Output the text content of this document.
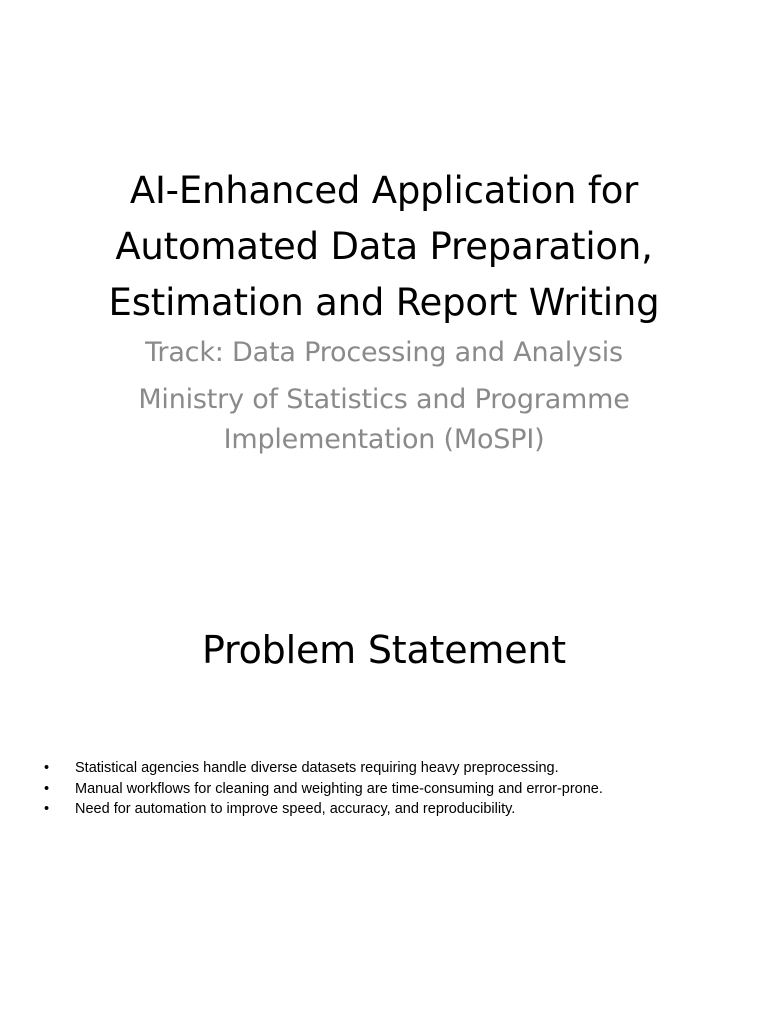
AI-Enhanced Application for
Automated Data Preparation,
Estimation and Report Writing
Track: Data Processing and Analysis
Ministry of Statistics and Programme
Implementation (MoSPI)
Problem Statement
•	Statistical agencies handle diverse datasets requiring heavy preprocessing.
•	Manual workflows for cleaning and weighting are time-consuming and error-prone.
•	Need for automation to improve speed, accuracy, and reproducibility.
